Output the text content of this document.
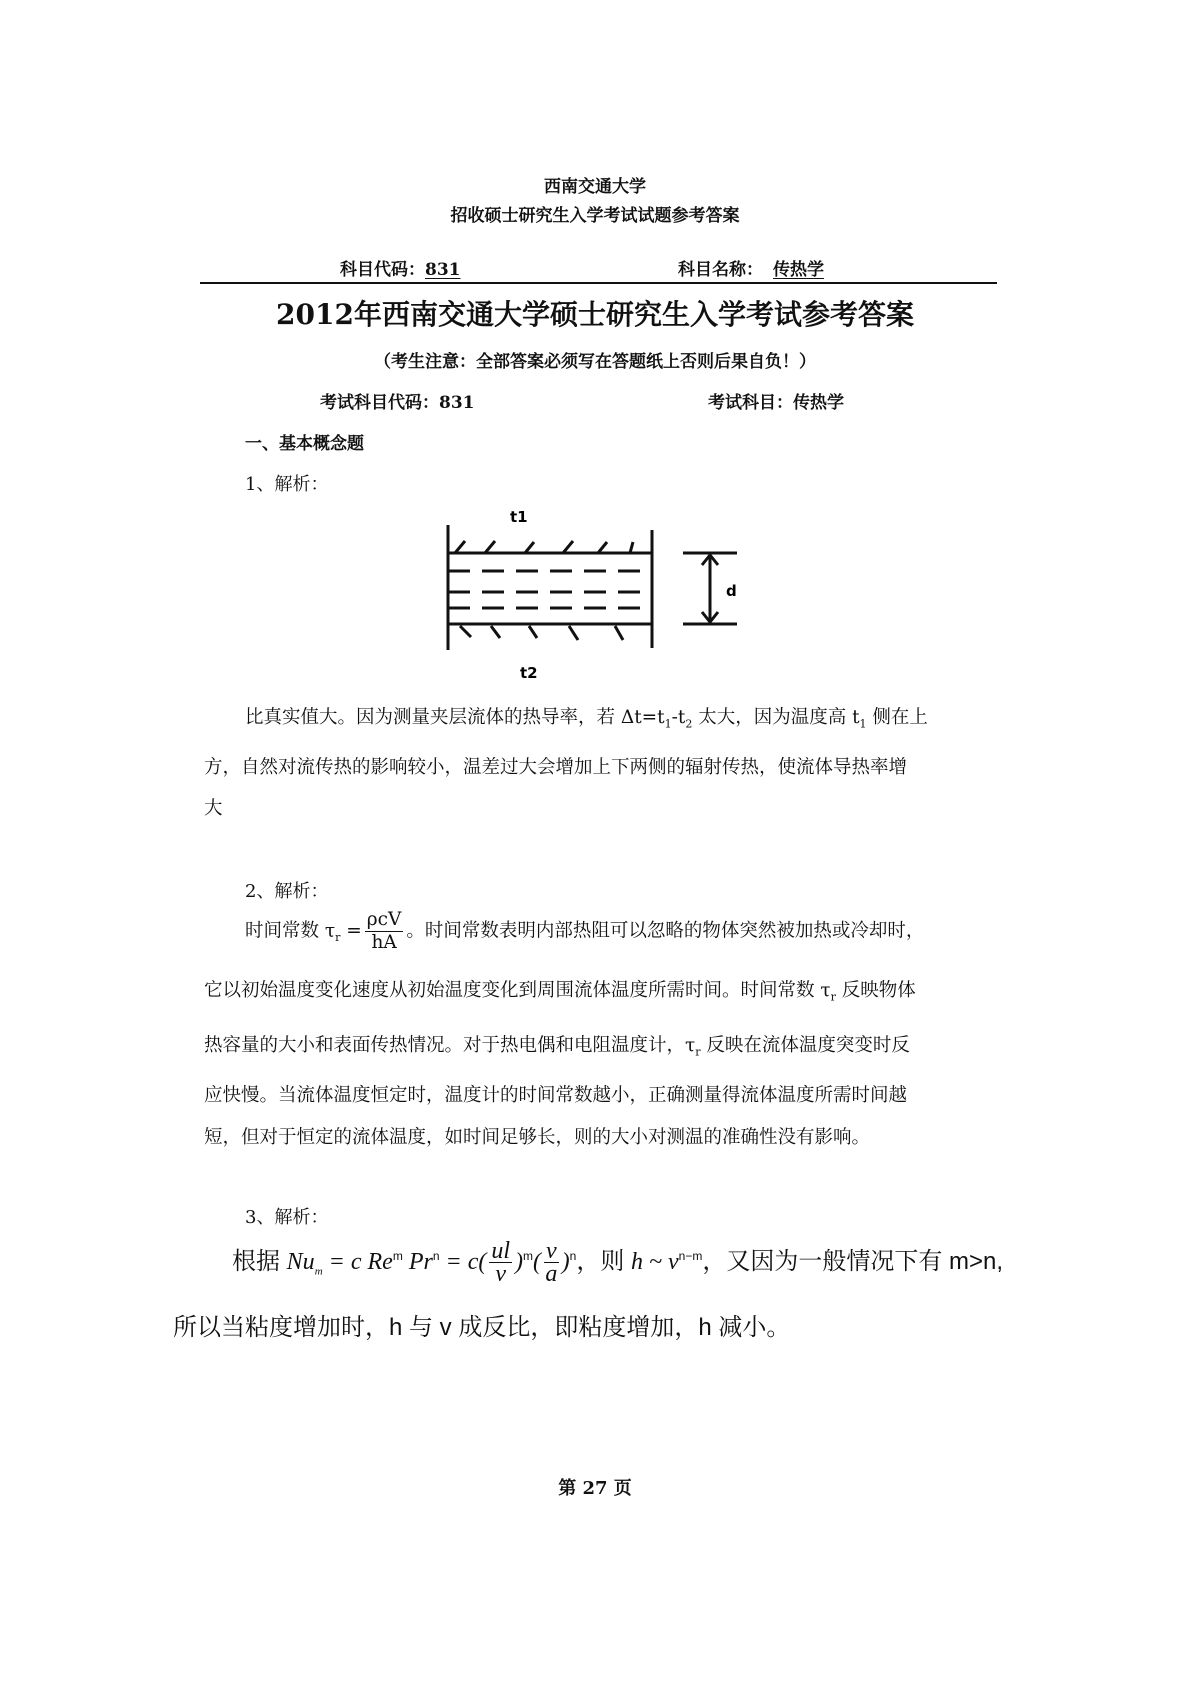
西南交通大学
招收硕士研究生入学考试试题参考答案
科目代码：831	科目名称： 传热学
2012年西南交通大学硕士研究生入学考试参考答案
（考生注意：全部答案必须写在答题纸上否则后果自负！）
考试科目代码：831	考试科目：传热学
一、基本概念题
1、解析：
t1
t2
d
比真实值大。因为测量夹层流体的热导率，若 $\Delta t=t_1-t_2$ 太大，因为温度高 $t_1$ 侧在上
方，自然对流传热的影响较小，温差过大会增加上下两侧的辐射传热，使流体导热率增
大
2、解析：
时间常数 $\tau_r = \frac{\text{ρcV}}{hA}$ 。时间常数表明内部热阻可以忽略的物体突然被加热或冷却时，
它以初始温度变化速度从初始温度变化到周围流体温度所需时间。时间常数 $\tau_r$ 反映物体
热容量的大小和表面传热情况。对于热电偶和电阻温度计，$\tau_r$ 反映在流体温度突变时反
应快慢。当流体温度恒定时，温度计的时间常数越小，正确测量得流体温度所需时间越
短，但对于恒定的流体温度，如时间足够长，则的大小对测温的准确性没有影响。
3、解析：
根据 $Nu_m = c$ Re$^m$ $Pr^n = c( \frac{ul}{v} )^m( \frac{v}{a} )^n$，则 h ~ $v^{n-m}$，又因为一般情况下有 m>n,
所以当粘度增加时，h 与 v 成反比，即粘度增加，h 减小。
第 27 页
